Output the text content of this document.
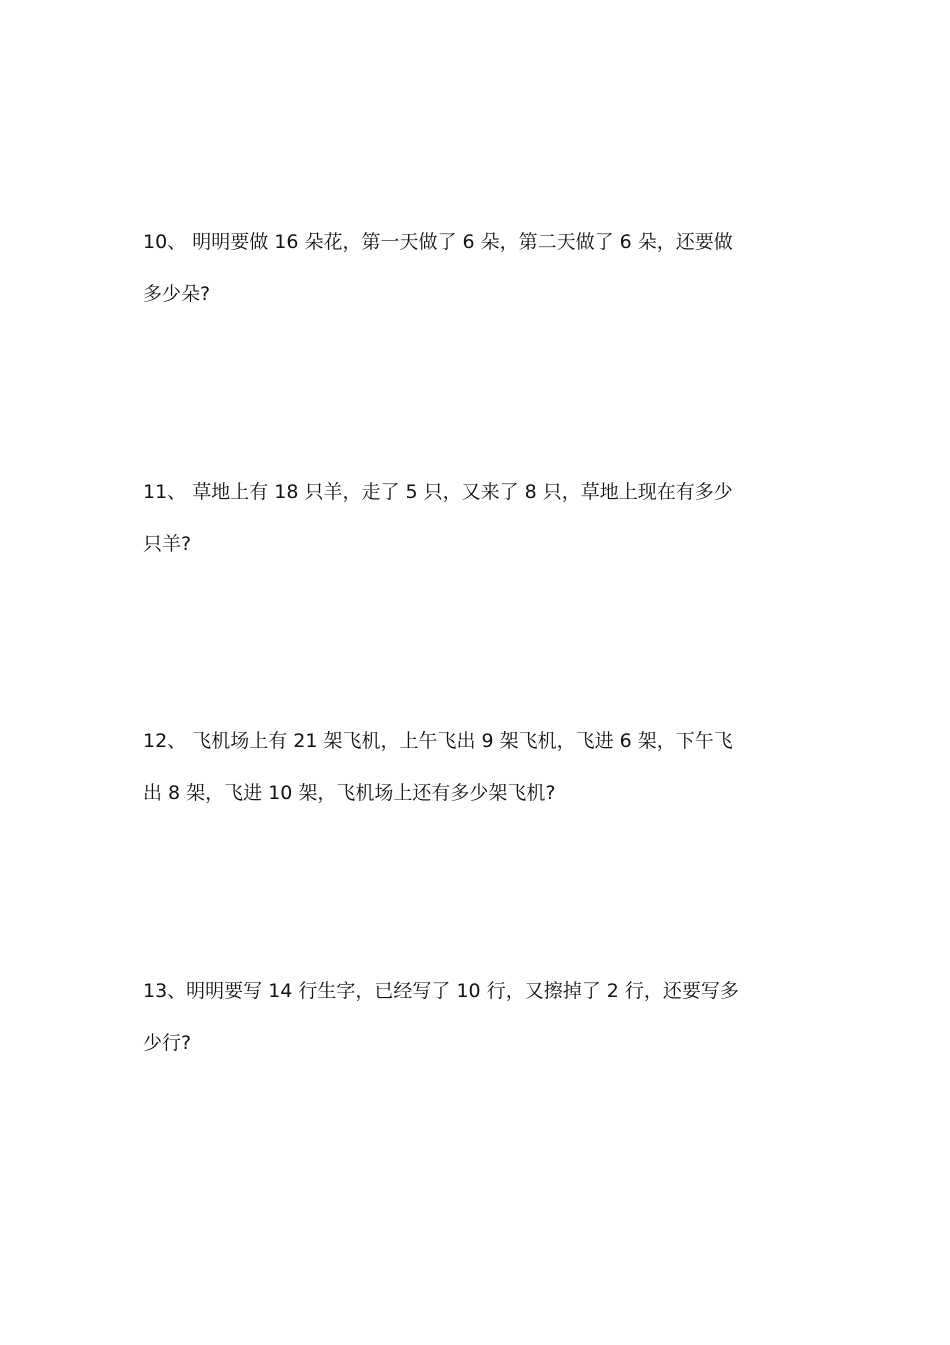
10、 明明要做 16 朵花，第一天做了 6 朵，第二天做了 6 朵，还要做
多少朵?
11、 草地上有 18 只羊，走了 5 只，又来了 8 只，草地上现在有多少
只羊?
12、 飞机场上有 21 架飞机，上午飞出 9 架飞机，飞进 6 架，下午飞
出 8 架，飞进 10 架，飞机场上还有多少架飞机?
13、明明要写 14 行生字，已经写了 10 行，又擦掉了 2 行，还要写多
少行?
